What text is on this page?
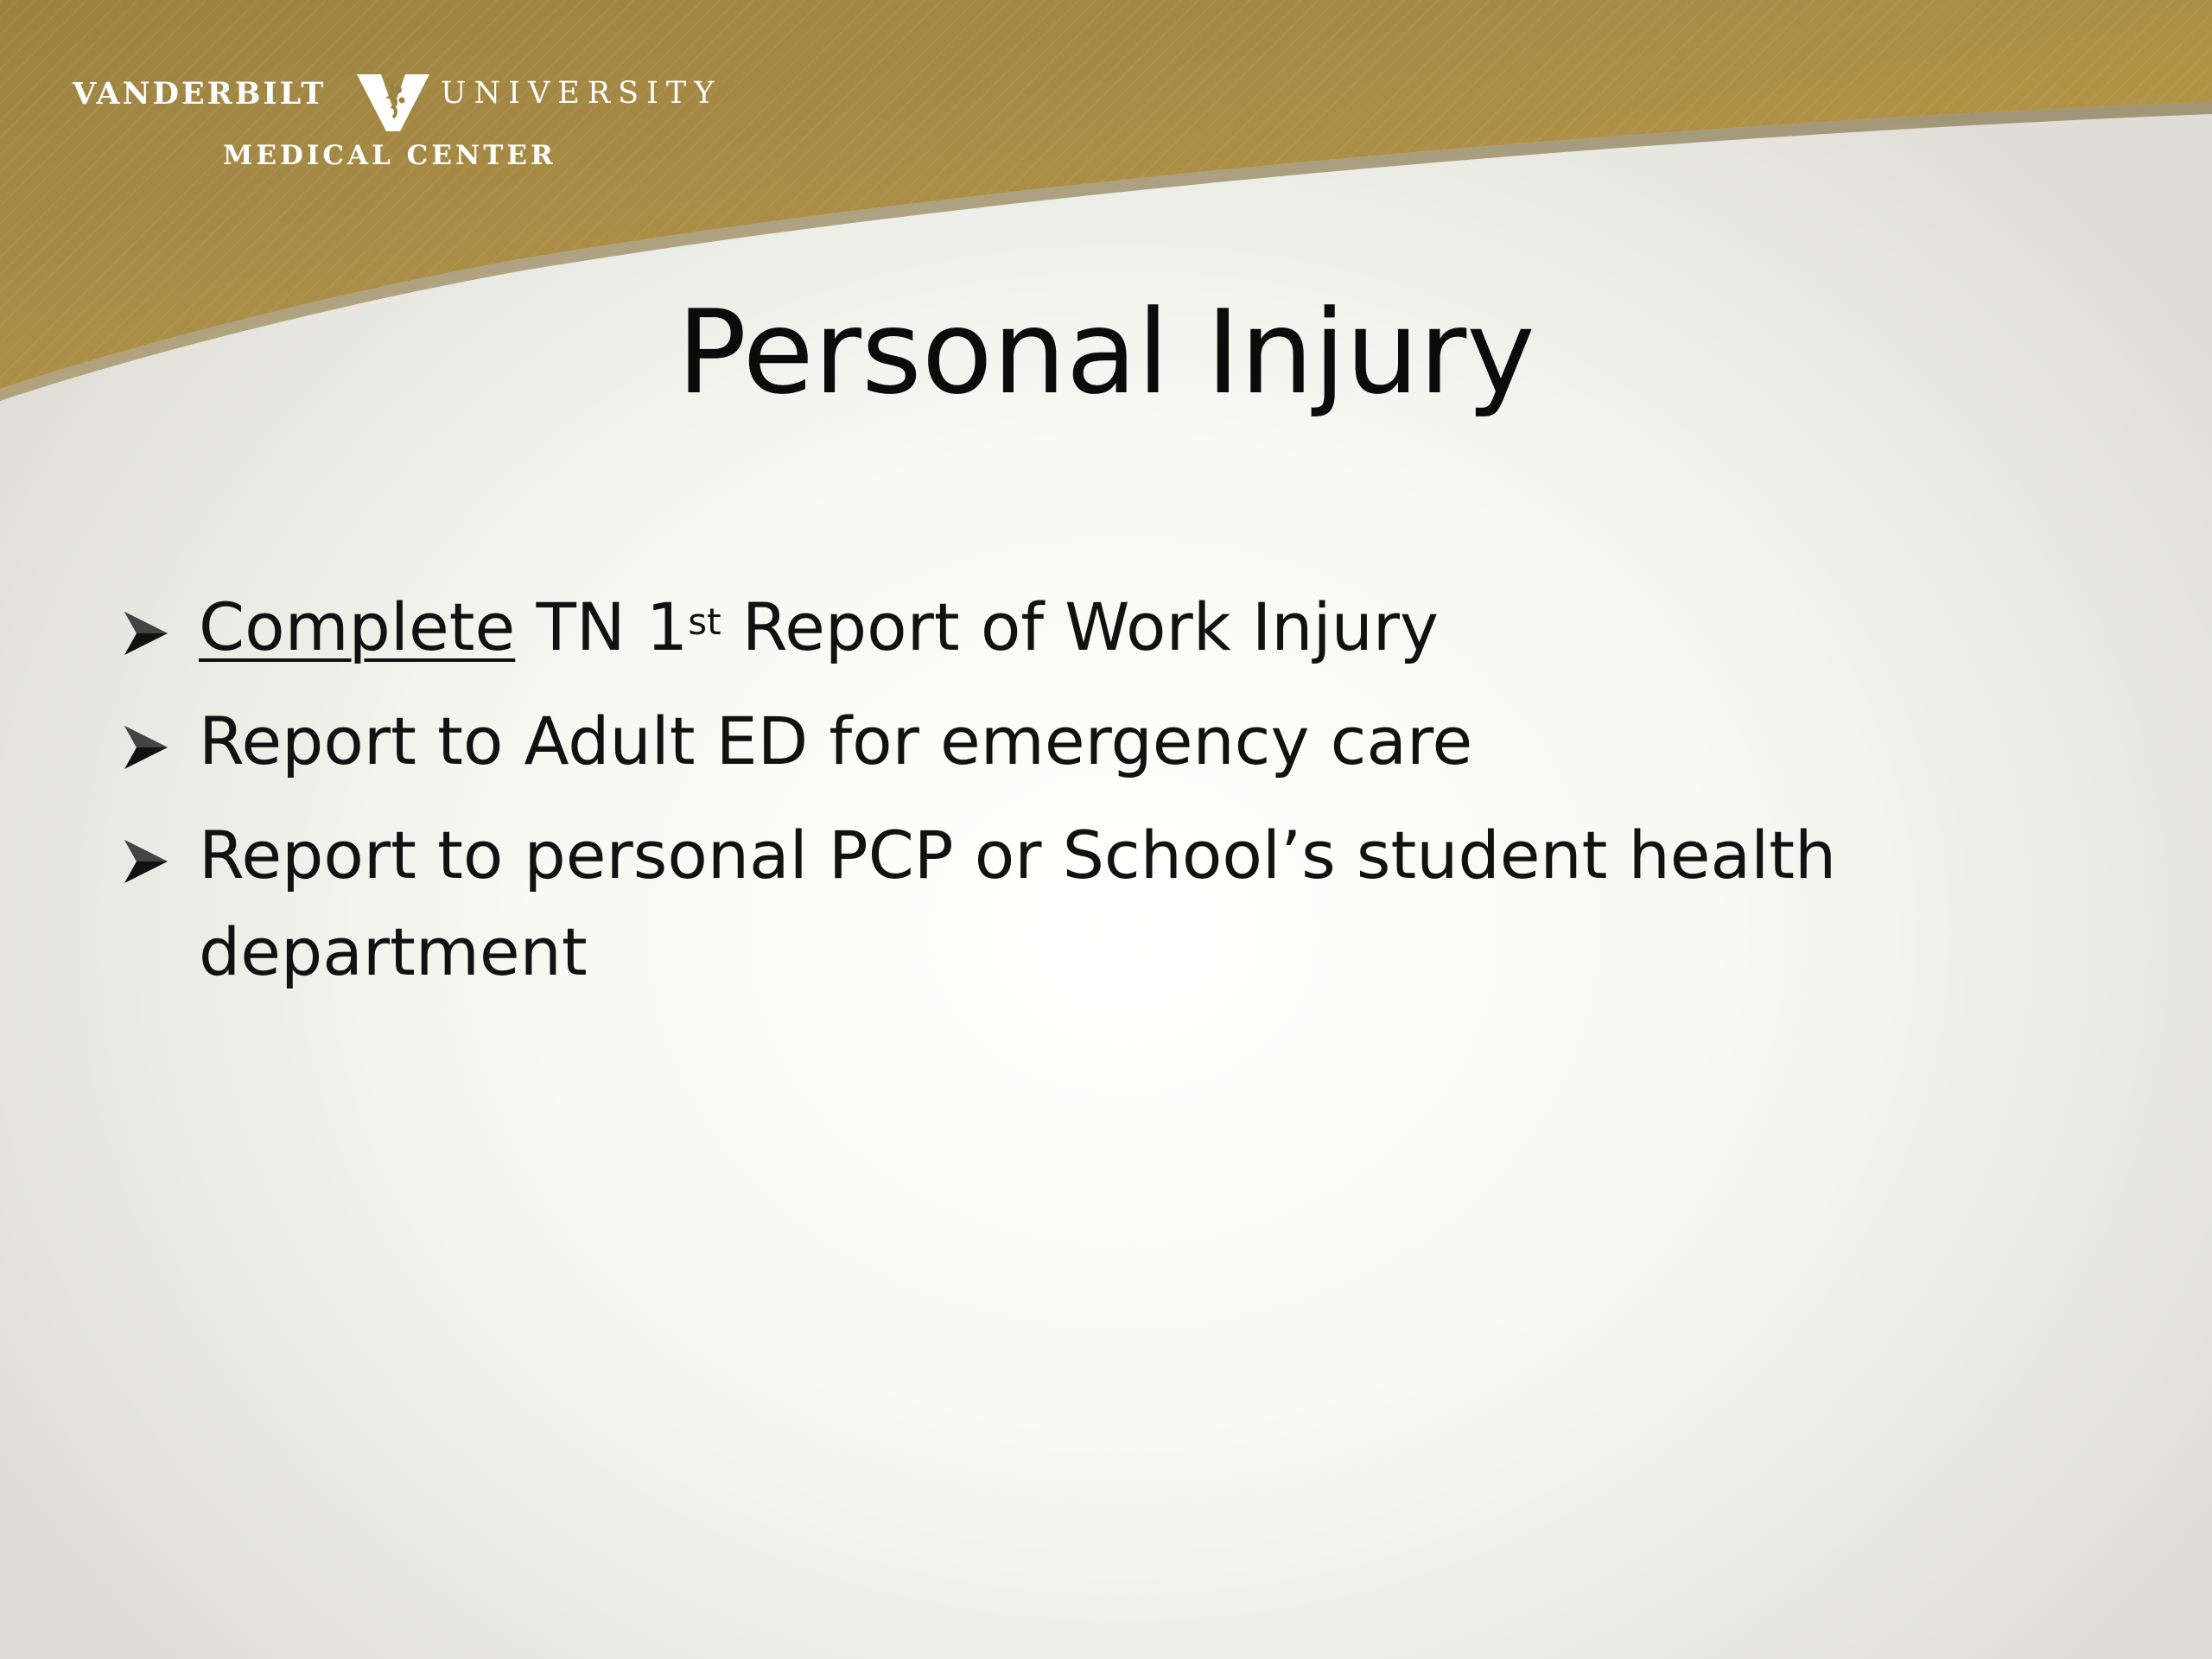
VANDERBILT	UNIVERSITY
MEDICAL CENTER
Personal Injury
Complete TN 1st Report of Work Injury
Report to Adult ED for emergency care
Report to personal PCP or School’s student health department
